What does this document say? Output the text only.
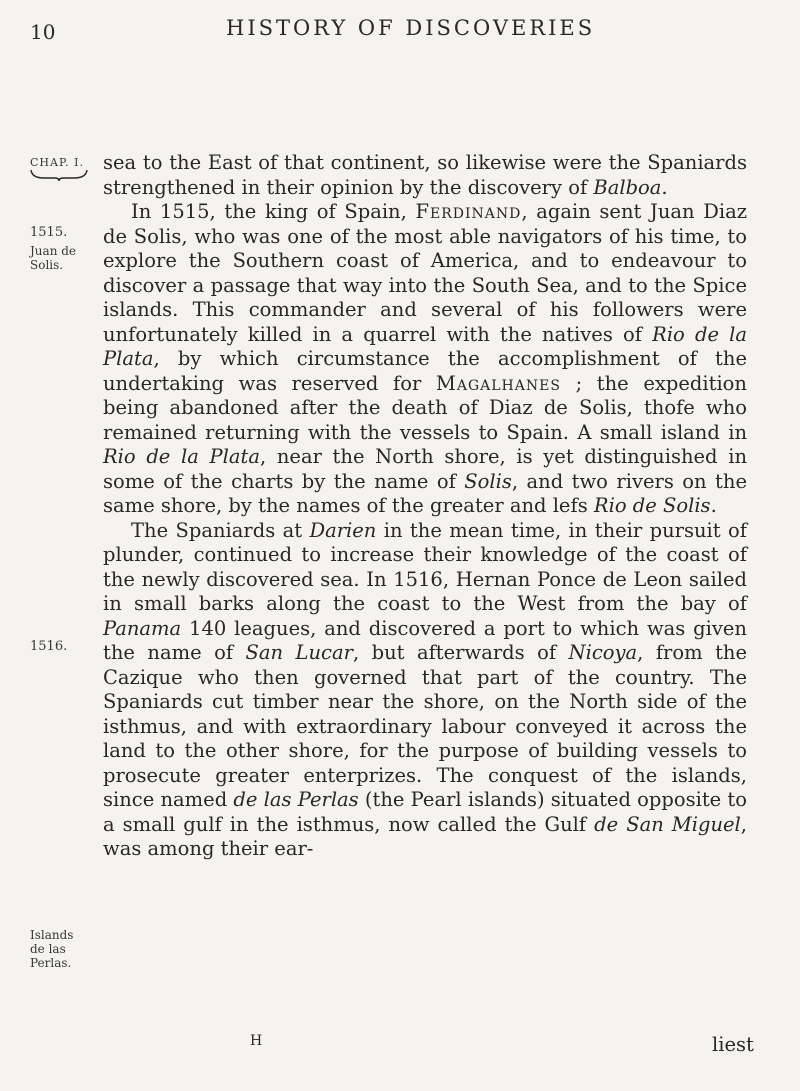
10	HISTORY OF DISCOVERIES
CHAP. I.
1515.
Juan de Solis.
1516.
Islands de las Perlas.

sea to the East of that continent, so likewise were the Spaniards strengthened in their opinion by the discovery of Balboa.

In 1515, the king of Spain, Ferdinand, again sent Juan Diaz de Solis, who was one of the most able navigators of his time, to explore the Southern coast of America, and to endeavour to discover a passage that way into the South Sea, and to the Spice islands. This commander and several of his followers were unfortunately killed in a quarrel with the natives of Rio de la Plata, by which circumstance the accomplishment of the undertaking was reserved for Magalhanes ; the expedition being abandoned after the death of Diaz de Solis, thofe who remained returning with the vessels to Spain. A small island in Rio de la Plata, near the North shore, is yet distinguished in some of the charts by the name of Solis, and two rivers on the same shore, by the names of the greater and lefs Rio de Solis.

The Spaniards at Darien in the mean time, in their pursuit of plunder, continued to increase their knowledge of the coast of the newly discovered sea. In 1516, Hernan Ponce de Leon sailed in small barks along the coast to the West from the bay of Panama 140 leagues, and discovered a port to which was given the name of San Lucar, but afterwards of Nicoya, from the Cazique who then governed that part of the country. The Spaniards cut timber near the shore, on the North side of the isthmus, and with extraordinary labour conveyed it across the land to the other shore, for the purpose of building vessels to prosecute greater enterprizes. The conquest of the islands, since named de las Perlas (the Pearl islands) situated opposite to a small gulf in the isthmus, now called the Gulf de San Miguel, was among their ear-

H	liest
